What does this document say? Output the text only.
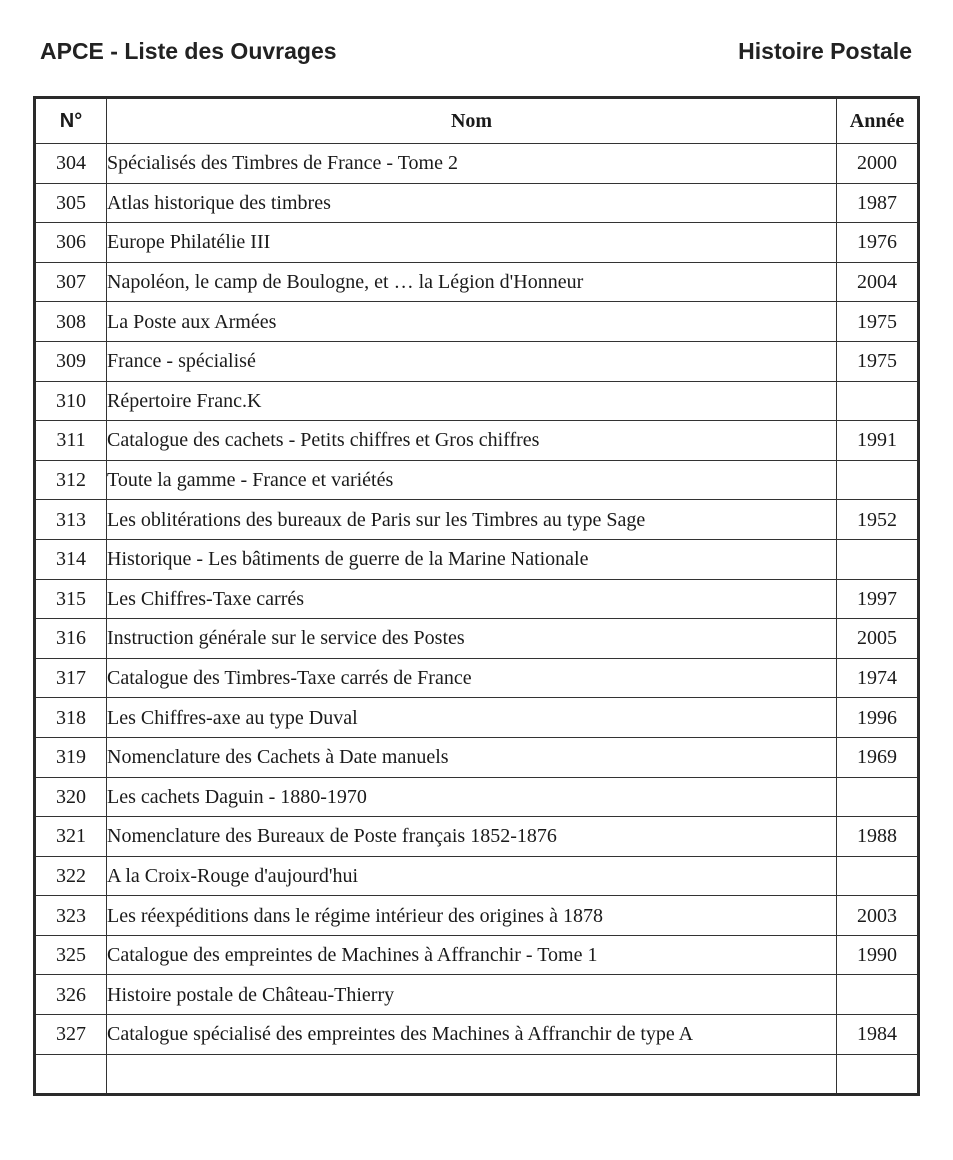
APCE - Liste des Ouvrages	Histoire Postale
N°	Nom	Année
304	Spécialisés des Timbres de France - Tome 2	2000
305	Atlas historique des timbres	1987
306	Europe Philatélie III	1976
307	Napoléon, le camp de Boulogne, et … la Légion d'Honneur	2004
308	La Poste aux Armées	1975
309	France - spécialisé	1975
310	Répertoire Franc.K	
311	Catalogue des cachets - Petits chiffres et Gros chiffres	1991
312	Toute la gamme - France et variétés	
313	Les oblitérations des bureaux de Paris sur les Timbres au type Sage	1952
314	Historique - Les bâtiments de guerre de la Marine Nationale	
315	Les Chiffres-Taxe carrés	1997
316	Instruction générale sur le service des Postes	2005
317	Catalogue des Timbres-Taxe carrés de France	1974
318	Les Chiffres-axe au type Duval	1996
319	Nomenclature des Cachets à Date manuels	1969
320	Les cachets Daguin - 1880-1970	
321	Nomenclature des Bureaux de Poste français 1852-1876	1988
322	A la Croix-Rouge d'aujourd'hui	
323	Les réexpéditions dans le régime intérieur des origines à 1878	2003
325	Catalogue des empreintes de Machines à Affranchir - Tome 1	1990
326	Histoire postale de Château-Thierry	
327	Catalogue spécialisé des empreintes des Machines à Affranchir de type A	1984
